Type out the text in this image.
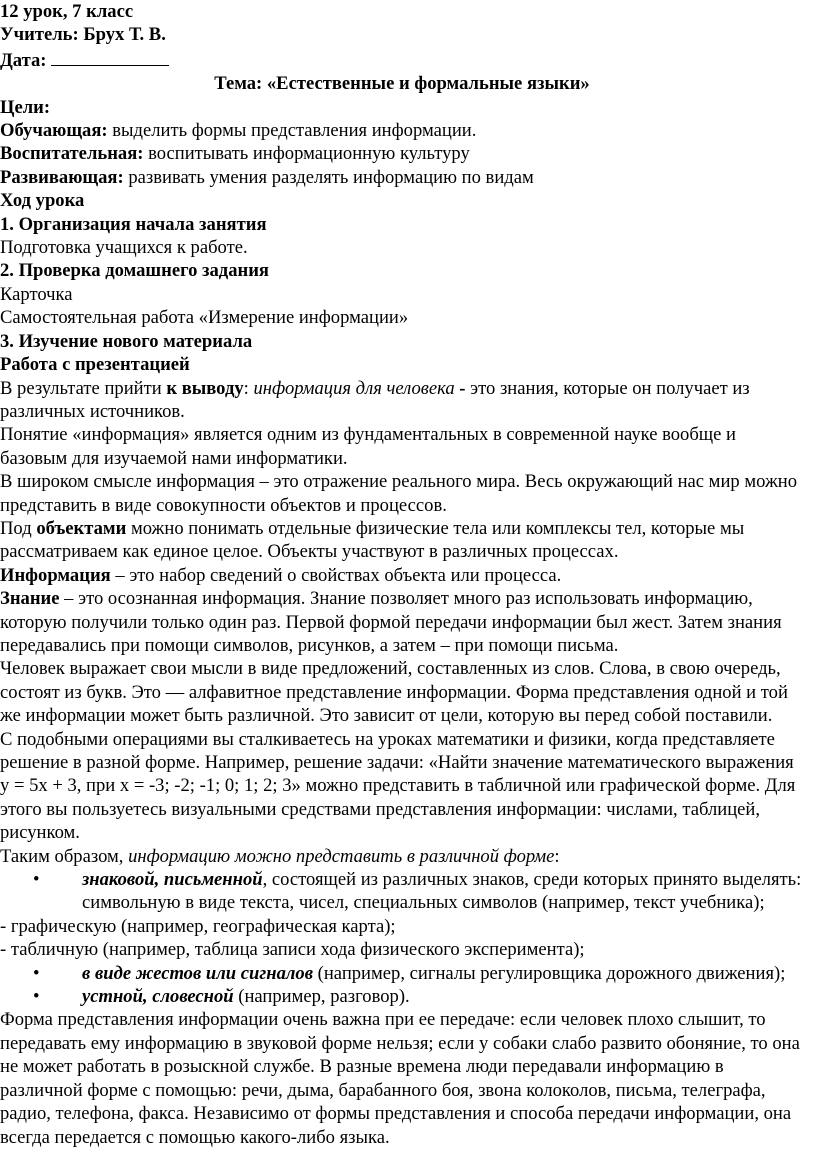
12 урок, 7 класс

Учитель: Брух Т. В.

Дата:

Тема: «Естественные и формальные языки»

Цели:

Обучающая: выделить формы представления информации.

Воспитательная: воспитывать информационную культуру

Развивающая: развивать умения разделять информацию по видам

Ход урока

1. Организация начала занятия

Подготовка учащихся к работе.

2. Проверка домашнего задания

Карточка

Самостоятельная работа «Измерение информации»

3. Изучение нового материала

Работа с презентацией

В результате прийти к выводу: информация для человека - это знания, которые он получает из различных источников.

Понятие «информация» является одним из фундаментальных в современной науке вообще и базовым для изучаемой нами информатики.

В широком смысле информация – это отражение реального мира. Весь окружающий нас мир можно представить в виде совокупности объектов и процессов.

Под объектами можно понимать отдельные физические тела или комплексы тел, которые мы рассматриваем как единое целое. Объекты участвуют в различных процессах.

Информация – это набор сведений о свойствах объекта или процесса.

Знание – это осознанная информация. Знание позволяет много раз использовать информацию, которую получили только один раз. Первой формой передачи информации был жест. Затем знания передавались при помощи символов, рисунков, а затем – при помощи письма.

Человек выражает свои мысли в виде предложений, составленных из слов. Слова, в свою очередь, состоят из букв. Это — алфавитное представление информации. Форма представления одной и той же информации может быть различной. Это зависит от цели, которую вы перед собой поставили.

С подобными операциями вы сталкиваетесь на уроках математики и физики, когда представляете решение в разной форме. Например, решение задачи: «Найти значение математического выражения y = 5x + 3, при x = -3; -2; -1; 0; 1; 2; 3» можно представить в табличной или графической форме. Для этого вы пользуетесь визуальными средствами представления информации: числами, таблицей, рисунком.

Таким образом, информацию можно представить в различной форме:

• знаковой, письменной, состоящей из различных знаков, среди которых принято выделять: символьную в виде текста, чисел, специальных символов (например, текст учебника);

- графическую (например, географическая карта);

- табличную (например, таблица записи хода физического эксперимента);

• в виде жестов или сигналов (например, сигналы регулировщика дорожного движения);
• устной, словесной (например, разговор).

Форма представления информации очень важна при ее передаче: если человек плохо слышит, то передавать ему информацию в звуковой форме нельзя; если у собаки слабо развито обоняние, то она не может работать в розыскной службе. В разные времена люди передавали информацию в различной форме с помощью: речи, дыма, барабанного боя, звона колоколов, письма, телеграфа, радио, телефона, факса. Независимо от формы представления и способа передачи информации, она всегда передается с помощью какого-либо языка.
